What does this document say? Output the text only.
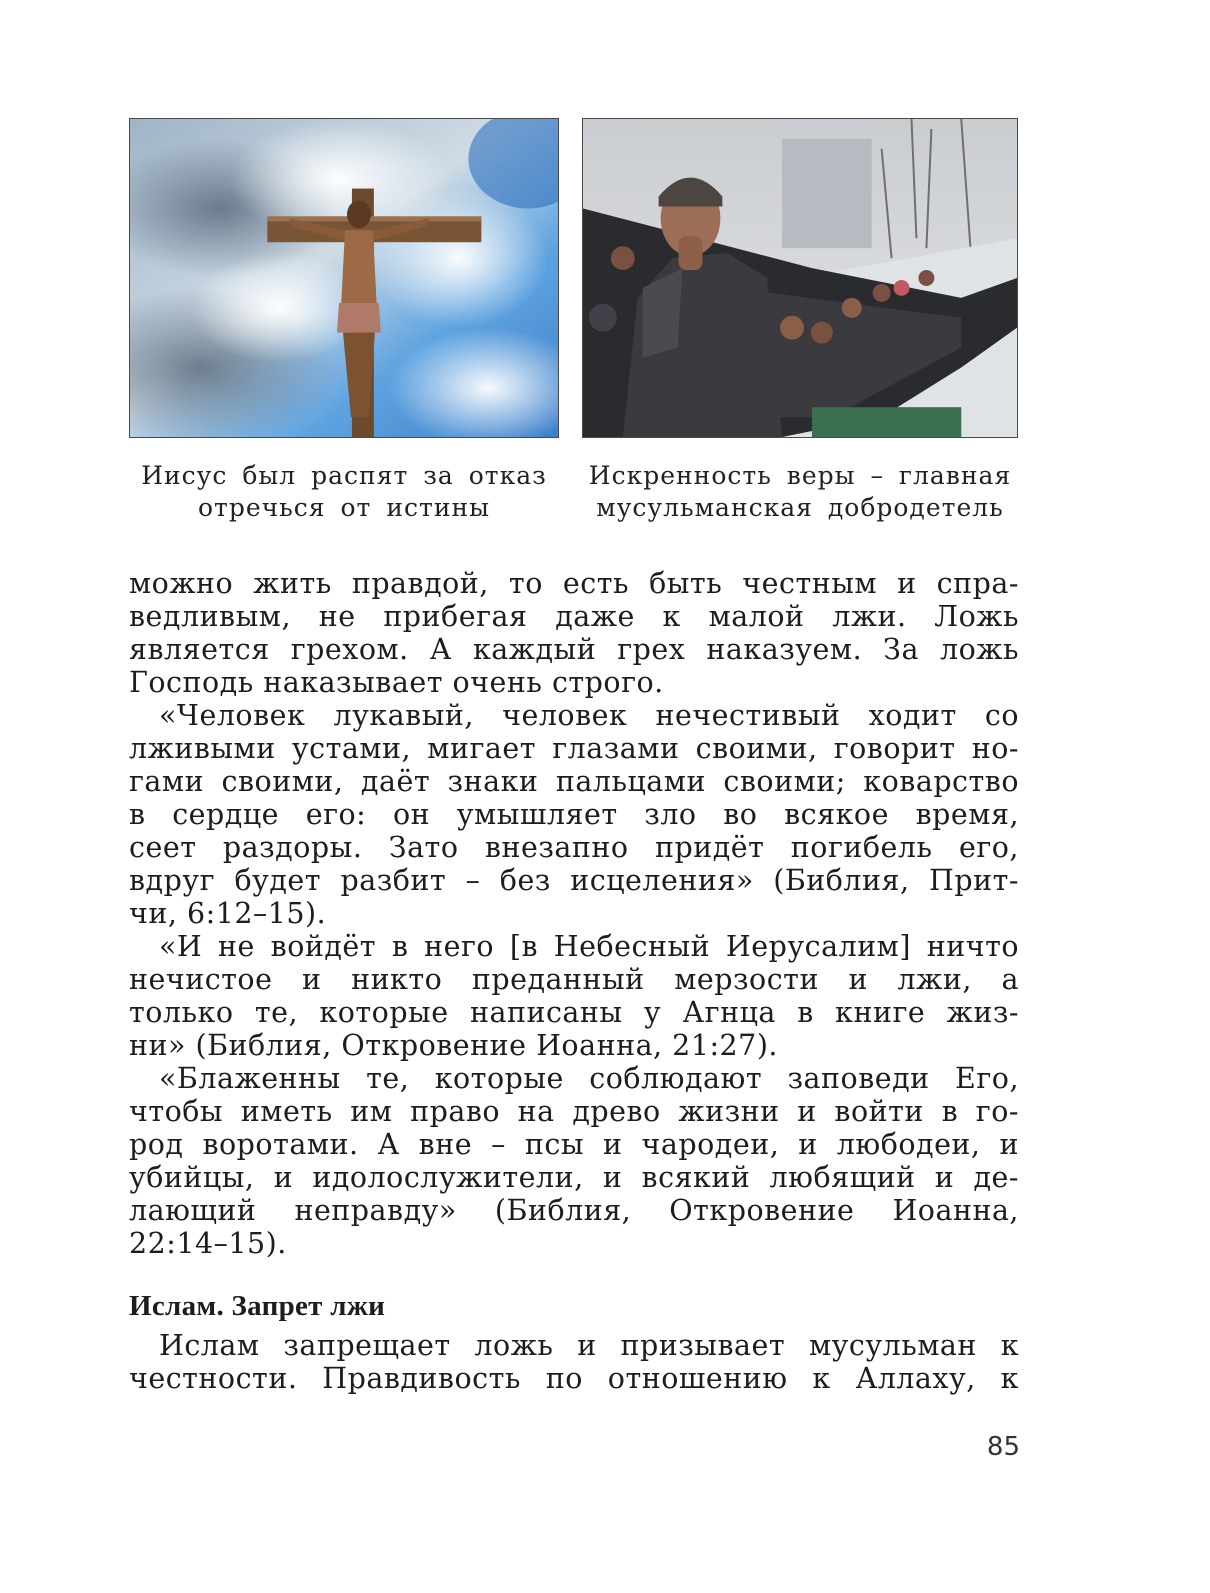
Иисус был распят за отказ
отречься от истины
Искренность веры – главная
мусульманская добродетель
можно жить правдой, то есть быть честным и спра-
ведливым, не прибегая даже к малой лжи. Ложь
является грехом. А каждый грех наказуем. За ложь
Господь наказывает очень строго.
«Человек лукавый, человек нечестивый ходит со
лживыми устами, мигает глазами своими, говорит но-
гами своими, даёт знаки пальцами своими; коварство
в сердце его: он умышляет зло во всякое время,
сеет раздоры. Зато внезапно придёт погибель его,
вдруг будет разбит – без исцеления» (Библия, Прит-
чи, 6:12–15).
«И не войдёт в него [в Небесный Иерусалим] ничто
нечистое и никто преданный мерзости и лжи, а
только те, которые написаны у Агнца в книге жиз-
ни» (Библия, Откровение Иоанна, 21:27).
«Блаженны те, которые соблюдают заповеди Его,
чтобы иметь им право на древо жизни и войти в го-
род воротами. А вне – псы и чародеи, и любодеи, и
убийцы, и идолослужители, и всякий любящий и де-
лающий неправду» (Библия, Откровение Иоанна,
22:14–15).
Ислам. Запрет лжи
Ислам запрещает ложь и призывает мусульман к
честности. Правдивость по отношению к Аллаху, к
85
